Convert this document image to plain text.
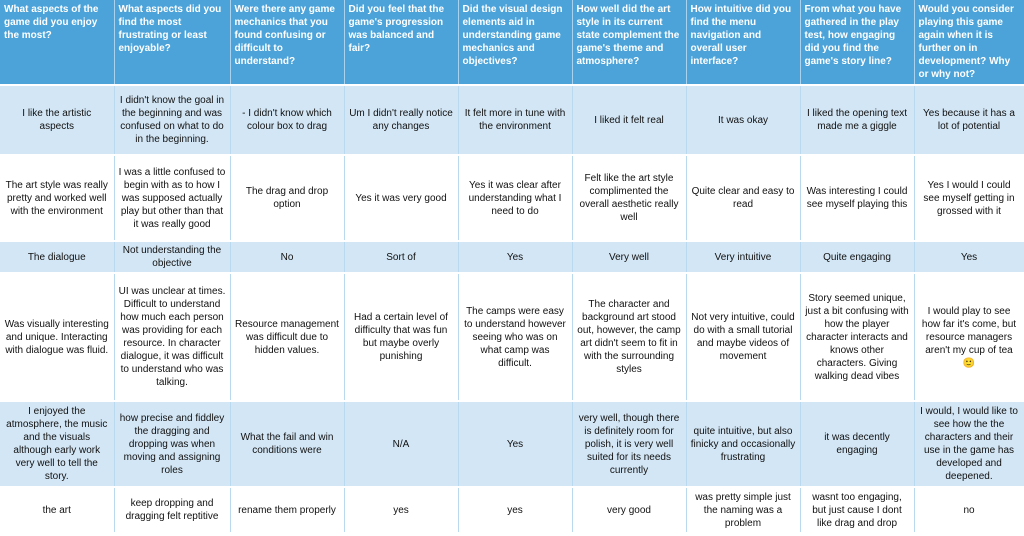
What aspects of the game did you enjoy the most?	What aspects did you find the most frustrating or least enjoyable?	Were there any game mechanics that you found confusing or difficult to understand?	Did you feel that the game's progression was balanced and fair?	Did the visual design elements aid in understanding game mechanics and objectives?	How well did the art style in its current state complement the game's theme and atmosphere?	How intuitive did you find the menu navigation and overall user interface?	From what you have gathered in the play test, how engaging did you find the game's story line?	Would you consider playing this game again when it is further on in development? Why or why not?
I like the artistic aspects	I didn't know the goal in the beginning and was confused on what to do in the beginning.	- I didn't know which colour box to drag	Um I didn't really notice any changes	It felt more in tune with the environment	I liked it felt real	It was okay	I liked the opening text made me a giggle	Yes because it has a lot of potential
The art style was really pretty and worked well with the environment	I was a little confused to begin with as to how I was supposed actually play but other than that it was really good	The drag and drop option	Yes it was very good	Yes it was clear after understanding what I need to do	Felt like the art style complimented the overall aesthetic really well	Quite clear and easy to read	Was interesting I could see myself playing this	Yes I would I could see myself getting in grossed with it
The dialogue	Not understanding the objective	No	Sort of	Yes	Very well	Very intuitive	Quite engaging	Yes
Was visually interesting and unique. Interacting with dialogue was fluid.	UI was unclear at times. Difficult to understand how much each person was providing for each resource. In character dialogue, it was difficult to understand who was talking.	Resource management was difficult due to hidden values.	Had a certain level of difficulty that was fun but maybe overly punishing	The camps were easy to understand however seeing who was on what camp was difficult.	The character and background art stood out, however, the camp art didn't seem to fit in with the surrounding styles	Not very intuitive, could do with a small tutorial and maybe videos of movement	Story seemed unique, just a bit confusing with how the player character interacts and knows other characters. Giving walking dead vibes	I would play to see how far it's come, but resource managers aren't my cup of tea 🙂
I enjoyed the atmosphere, the music and the visuals although early work very well to tell the story.	how precise and fiddley the dragging and dropping was when moving and assigning roles	What the fail and win conditions were	N/A	Yes	very well, though there is definitely room for polish, it is very well suited for its needs currently	quite intuitive, but also finicky and occasionally frustrating	it was decently engaging	I would, I would like to see how the the characters and their use in the game has developed and deepened.
the art	keep dropping and dragging felt reptitive	rename them properly	yes	yes	very good	was pretty simple just the naming was a problem	wasnt too engaging, but just cause I dont like drag and drop	no
